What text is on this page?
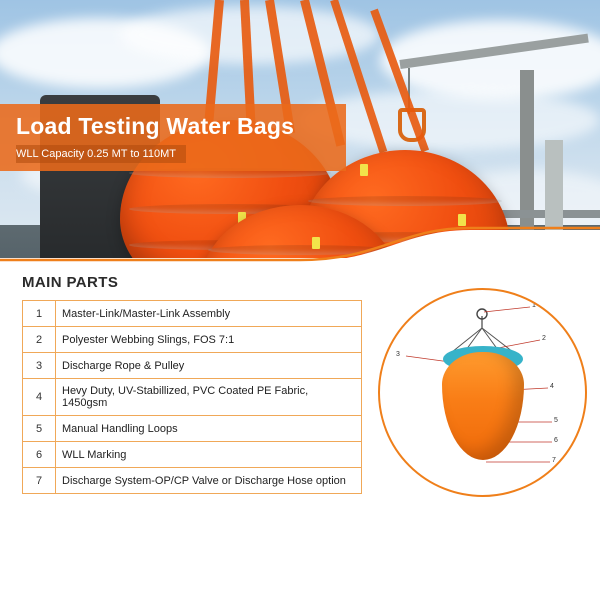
Load Testing Water Bags
WLL Capacity 0.25 MT to 110MT
MAIN PARTS
1	Master-Link/Master-Link Assembly
2	Polyester Webbing Slings, FOS 7:1
3	Discharge Rope & Pulley
4	Hevy Duty, UV-Stabillized, PVC Coated PE Fabric, 1450gsm
5	Manual Handling Loops
6	WLL Marking
7	Discharge System-OP/CP Valve or Discharge Hose option
1
2
3
4
5
6
7
